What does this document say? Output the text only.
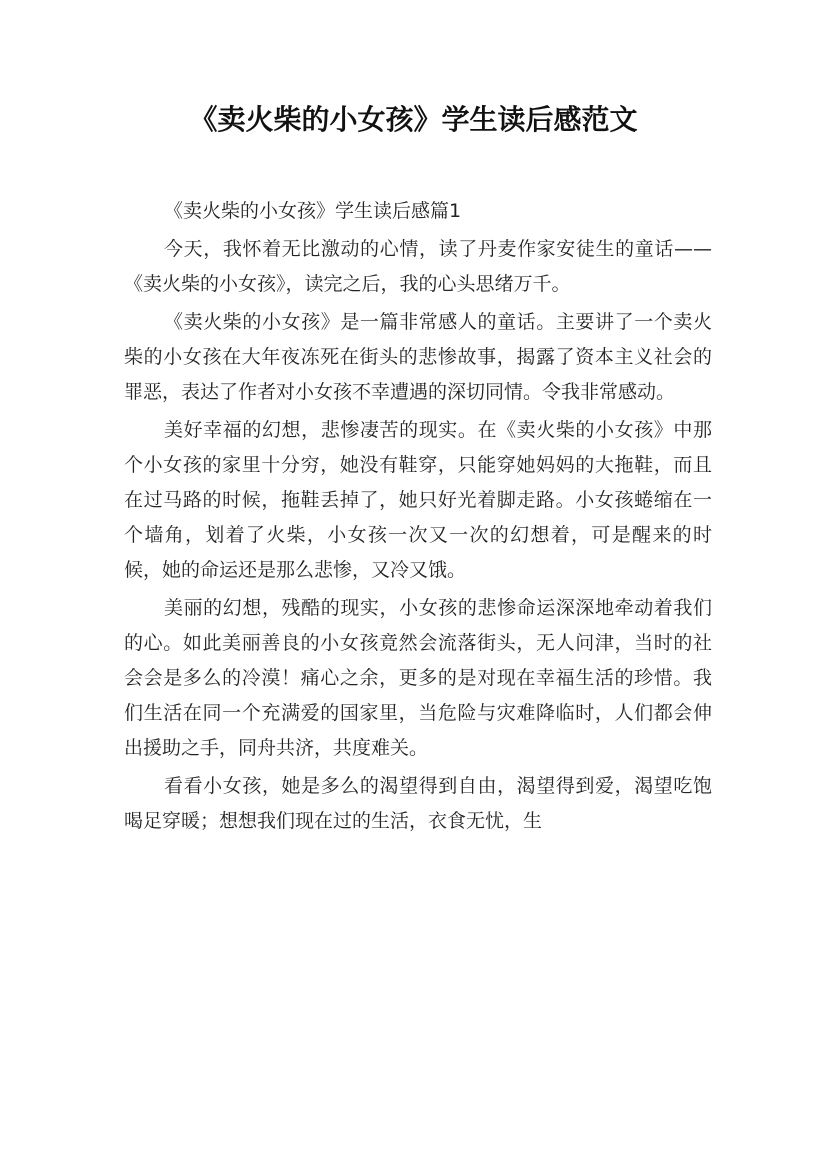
《卖火柴的小女孩》学生读后感范文

《卖火柴的小女孩》学生读后感篇1

今天，我怀着无比激动的心情，读了丹麦作家安徒生的童话——《卖火柴的小女孩》，读完之后，我的心头思绪万千。

《卖火柴的小女孩》是一篇非常感人的童话。主要讲了一个卖火柴的小女孩在大年夜冻死在街头的悲惨故事，揭露了资本主义社会的罪恶，表达了作者对小女孩不幸遭遇的深切同情。令我非常感动。

美好幸福的幻想，悲惨凄苦的现实。在《卖火柴的小女孩》中那个小女孩的家里十分穷，她没有鞋穿，只能穿她妈妈的大拖鞋，而且在过马路的时候，拖鞋丢掉了，她只好光着脚走路。小女孩蜷缩在一个墙角，划着了火柴，小女孩一次又一次的幻想着，可是醒来的时候，她的命运还是那么悲惨，又冷又饿。

美丽的幻想，残酷的现实，小女孩的悲惨命运深深地牵动着我们的心。如此美丽善良的小女孩竟然会流落街头，无人问津，当时的社会会是多么的冷漠！痛心之余，更多的是对现在幸福生活的珍惜。我们生活在同一个充满爱的国家里，当危险与灾难降临时，人们都会伸出援助之手，同舟共济，共度难关。

看看小女孩，她是多么的渴望得到自由，渴望得到爱，渴望吃饱喝足穿暖；想想我们现在过的生活，衣食无忧，生
